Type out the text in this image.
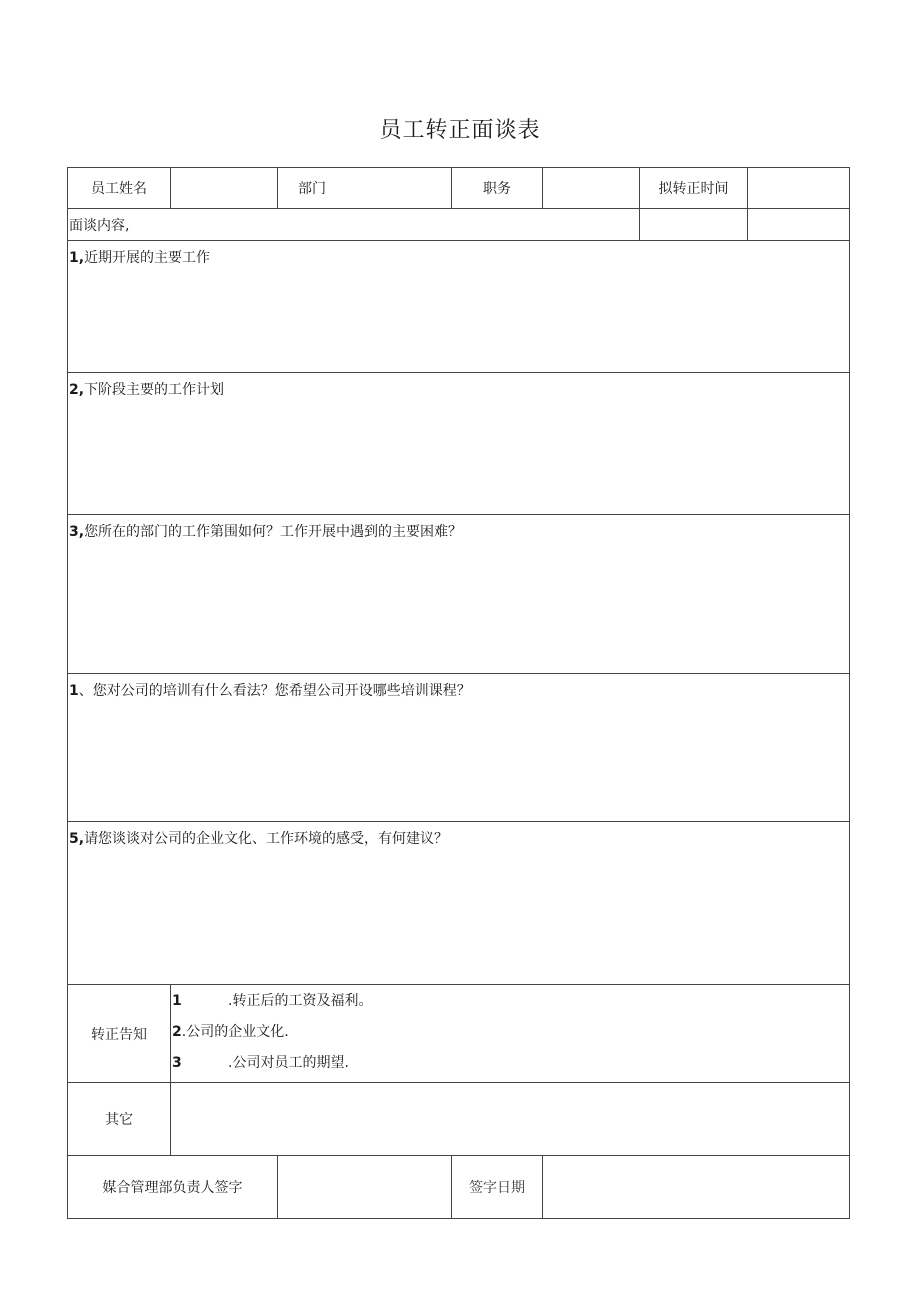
员工转正面谈表
员工姓名		部门	职务		拟转正时间	
面谈内容,						
1,近期开展的主要工作						
2,下阶段主要的工作计划						
3,您所在的部门的工作第围如何？工作开展中遇到的主要困难？						
1、您对公司的培训有什么看法？您希望公司开设哪些培训课程？						
5,请您谈谈对公司的企业文化、工作环境的感受，有何建议？						
转正告知	1 .转正后的工资及福利。
2.公司的企业文化.
3 .公司对员工的期望.					

其它						
媒合管理部负责人签字			签字日期			
